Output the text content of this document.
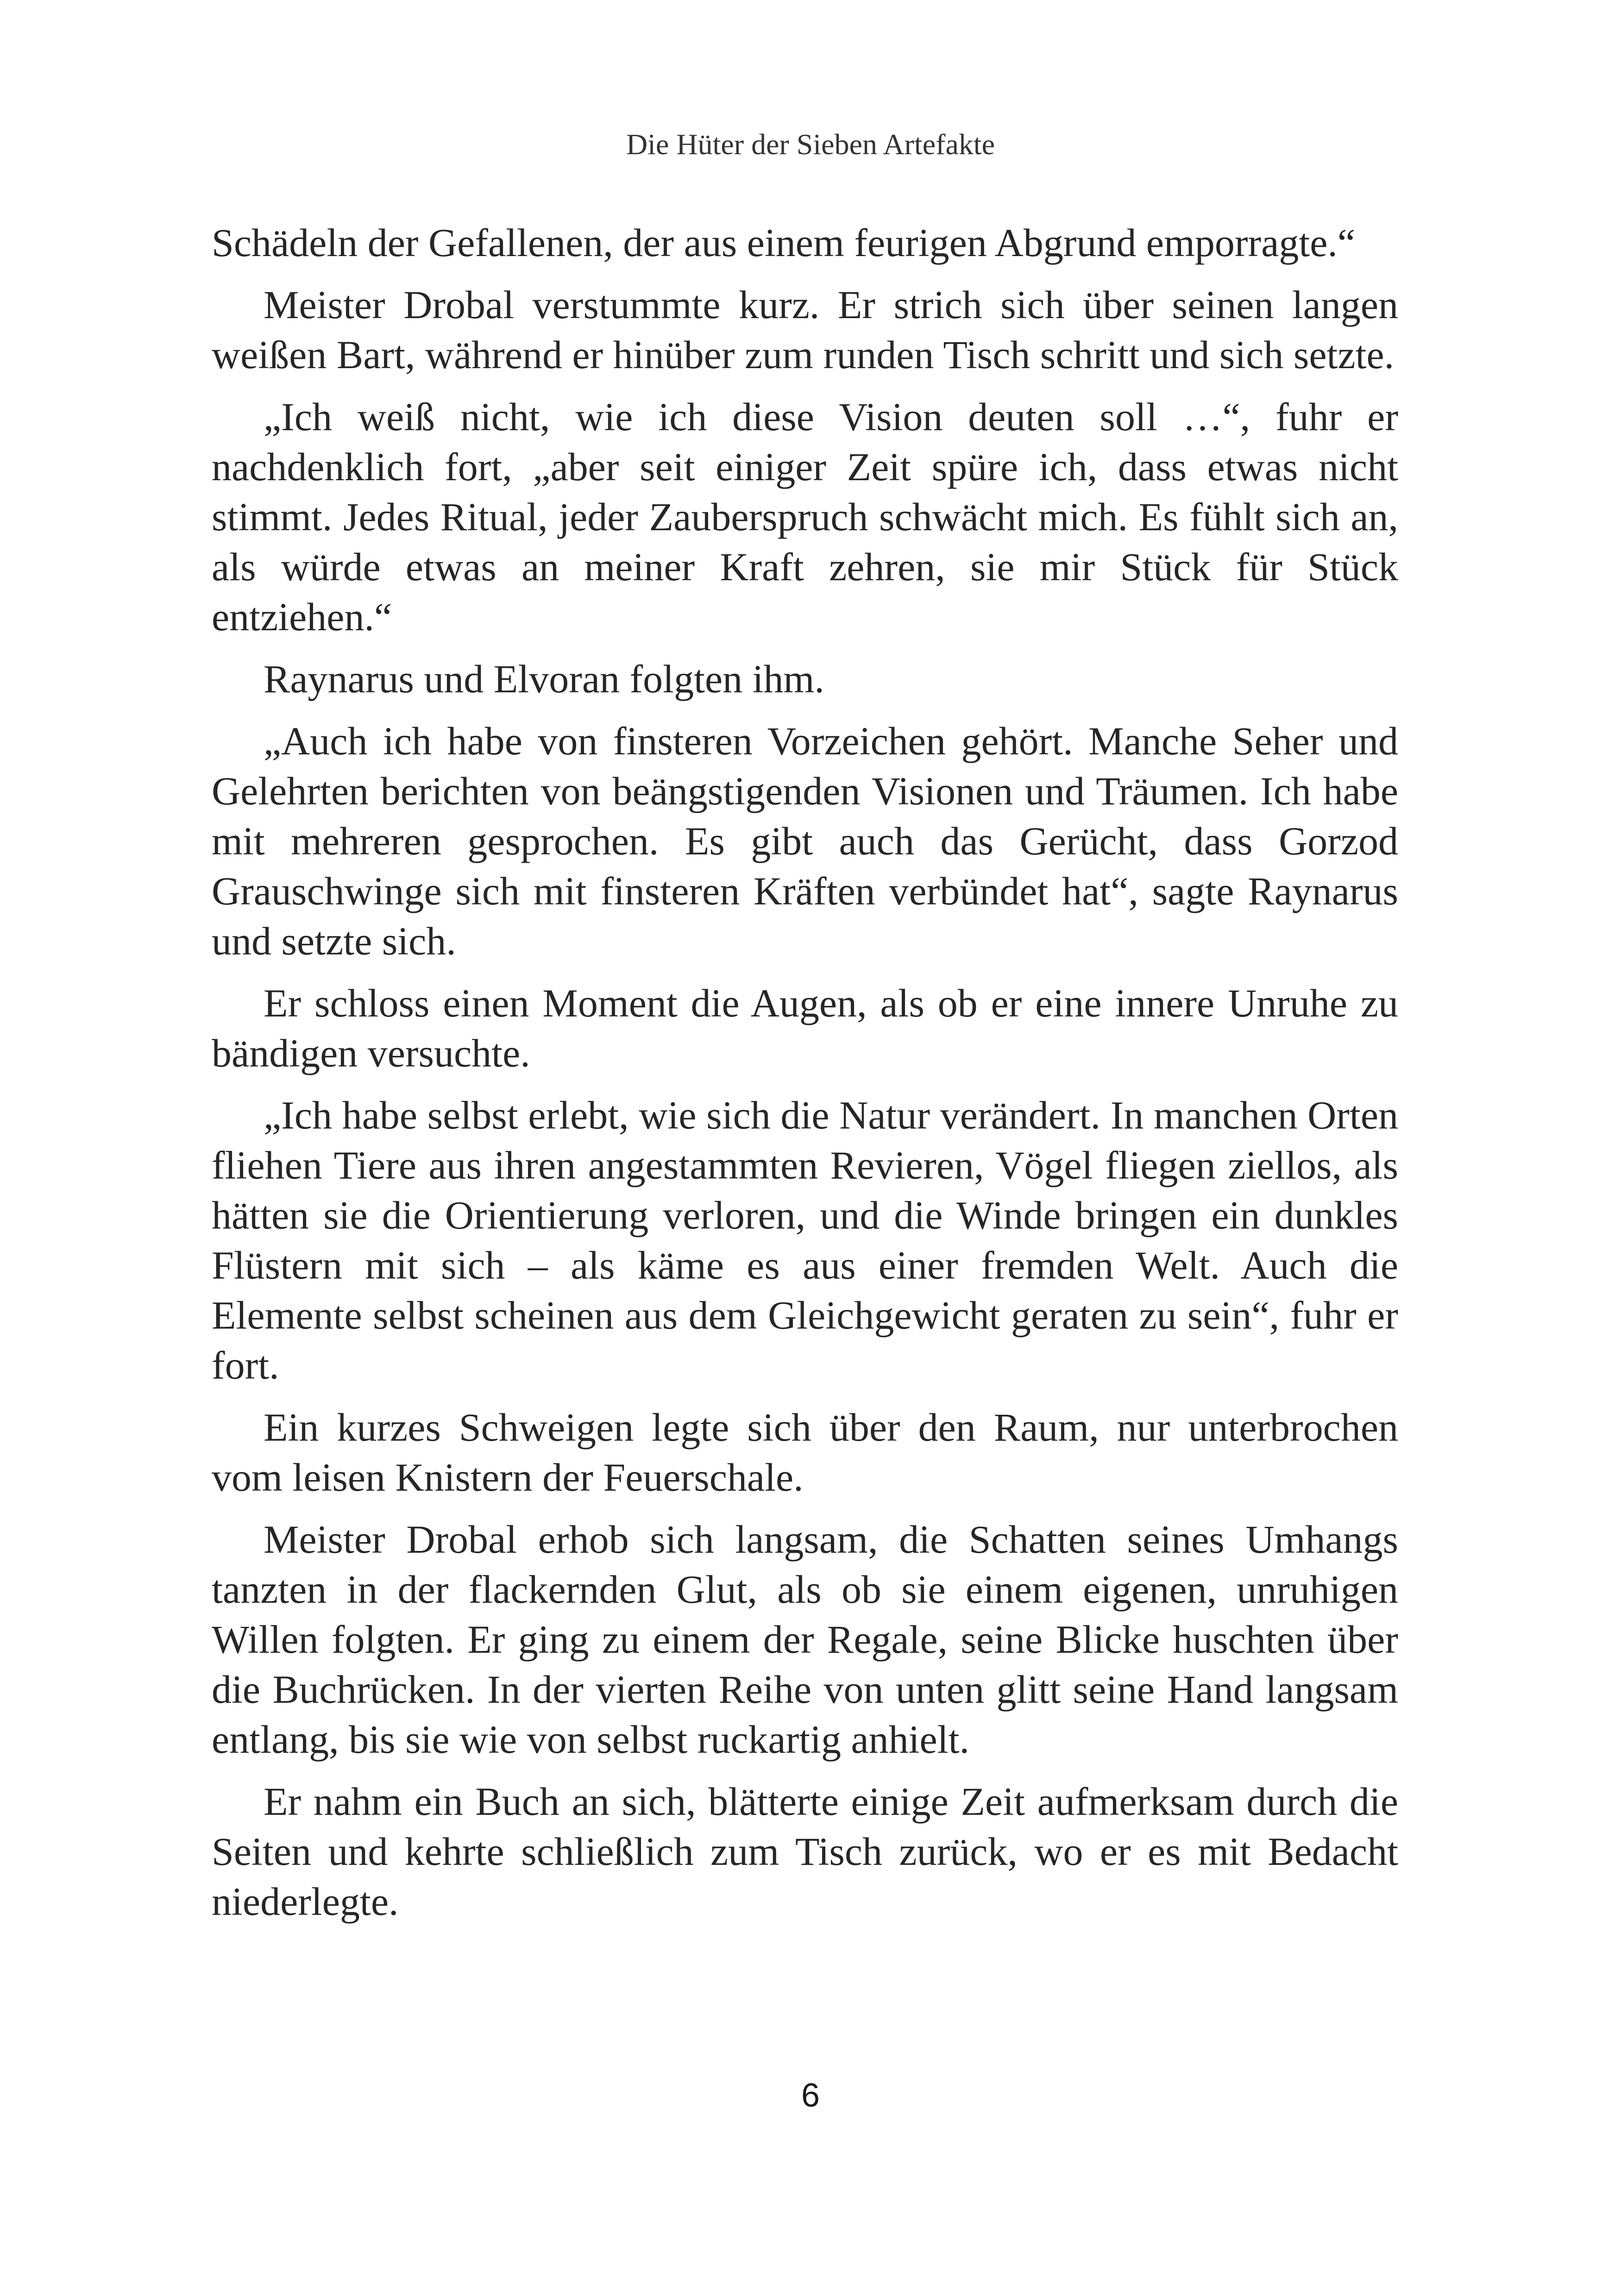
Die Hüter der Sieben Artefakte

Schädeln der Gefallenen, der aus einem feurigen Abgrund emporragte.“

Meister Drobal verstummte kurz. Er strich sich über seinen langen weißen Bart, während er hinüber zum runden Tisch schritt und sich setzte.

„Ich weiß nicht, wie ich diese Vision deuten soll …“, fuhr er nachdenklich fort, „aber seit einiger Zeit spüre ich, dass etwas nicht stimmt. Jedes Ritual, jeder Zauberspruch schwächt mich. Es fühlt sich an, als würde etwas an meiner Kraft zehren, sie mir Stück für Stück entziehen.“

Raynarus und Elvoran folgten ihm.

„Auch ich habe von finsteren Vorzeichen gehört. Manche Seher und Gelehrten berichten von beängstigenden Visionen und Träumen. Ich habe mit mehreren gesprochen. Es gibt auch das Gerücht, dass Gorzod Grauschwinge sich mit finsteren Kräften verbündet hat“, sagte Raynarus und setzte sich.

Er schloss einen Moment die Augen, als ob er eine innere Unruhe zu bändigen versuchte.

„Ich habe selbst erlebt, wie sich die Natur verändert. In manchen Orten fliehen Tiere aus ihren angestammten Revieren, Vögel fliegen ziellos, als hätten sie die Orientierung verloren, und die Winde bringen ein dunkles Flüstern mit sich – als käme es aus einer fremden Welt. Auch die Elemente selbst scheinen aus dem Gleichgewicht geraten zu sein“, fuhr er fort.

Ein kurzes Schweigen legte sich über den Raum, nur unterbrochen vom leisen Knistern der Feuerschale.

Meister Drobal erhob sich langsam, die Schatten seines Umhangs tanzten in der flackernden Glut, als ob sie einem eigenen, unruhigen Willen folgten. Er ging zu einem der Regale, seine Blicke huschten über die Buchrücken. In der vierten Reihe von unten glitt seine Hand langsam entlang, bis sie wie von selbst ruckartig anhielt.

Er nahm ein Buch an sich, blätterte einige Zeit aufmerksam durch die Seiten und kehrte schließlich zum Tisch zurück, wo er es mit Bedacht niederlegte.

6
